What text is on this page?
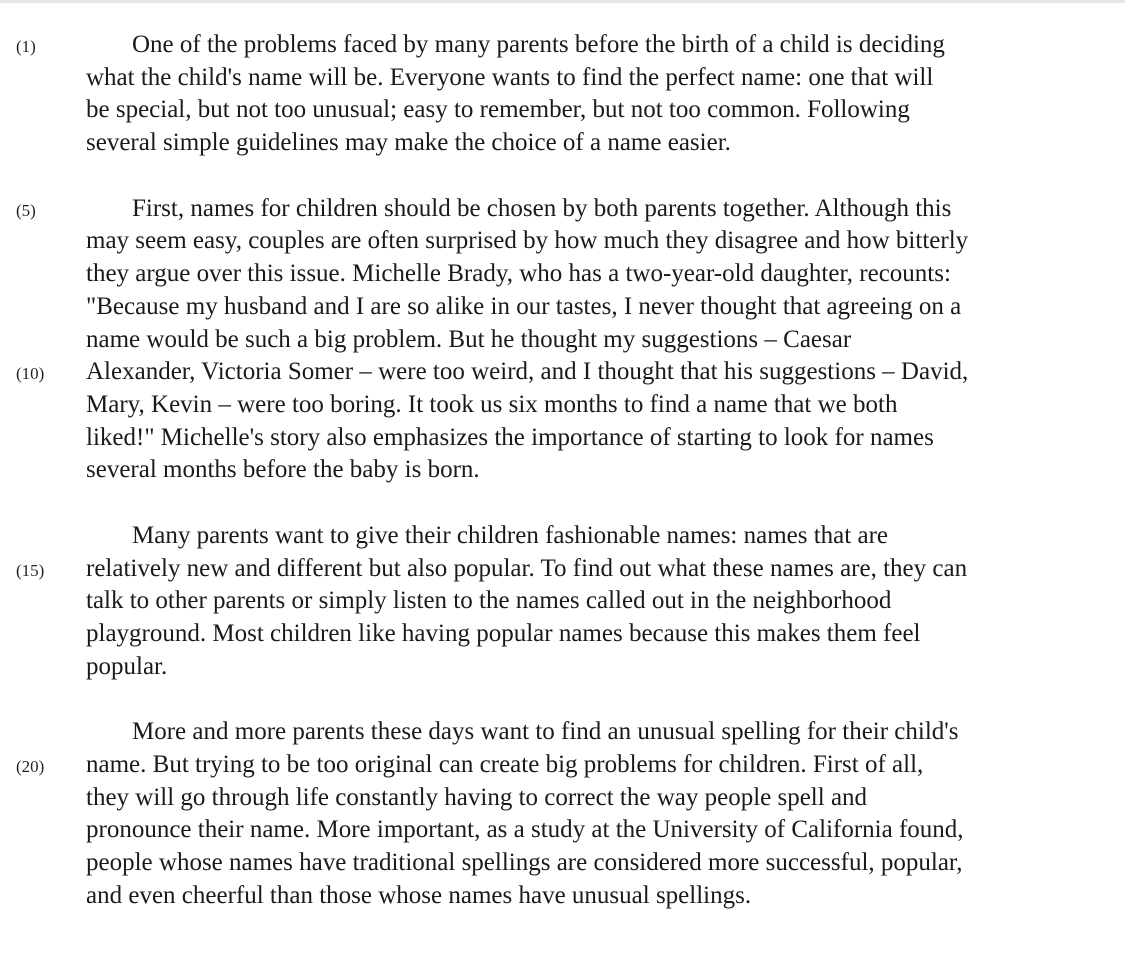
(1)	One of the problems faced by many parents before the birth of a child is deciding
what the child's name will be. Everyone wants to find the perfect name: one that will
be special, but not too unusual; easy to remember, but not too common. Following
several simple guidelines may make the choice of a name easier.
(5)	First, names for children should be chosen by both parents together. Although this
may seem easy, couples are often surprised by how much they disagree and how bitterly
they argue over this issue. Michelle Brady, who has a two-year-old daughter, recounts:
"Because my husband and I are so alike in our tastes, I never thought that agreeing on a
name would be such a big problem. But he thought my suggestions – Caesar
(10) Alexander, Victoria Somer – were too weird, and I thought that his suggestions – David,
Mary, Kevin – were too boring. It took us six months to find a name that we both
liked!" Michelle's story also emphasizes the importance of starting to look for names
several months before the baby is born.
Many parents want to give their children fashionable names: names that are
(15) relatively new and different but also popular. To find out what these names are, they can
talk to other parents or simply listen to the names called out in the neighborhood
playground. Most children like having popular names because this makes them feel
popular.
More and more parents these days want to find an unusual spelling for their child's
(20) name. But trying to be too original can create big problems for children. First of all,
they will go through life constantly having to correct the way people spell and
pronounce their name. More important, as a study at the University of California found,
people whose names have traditional spellings are considered more successful, popular,
and even cheerful than those whose names have unusual spellings.
